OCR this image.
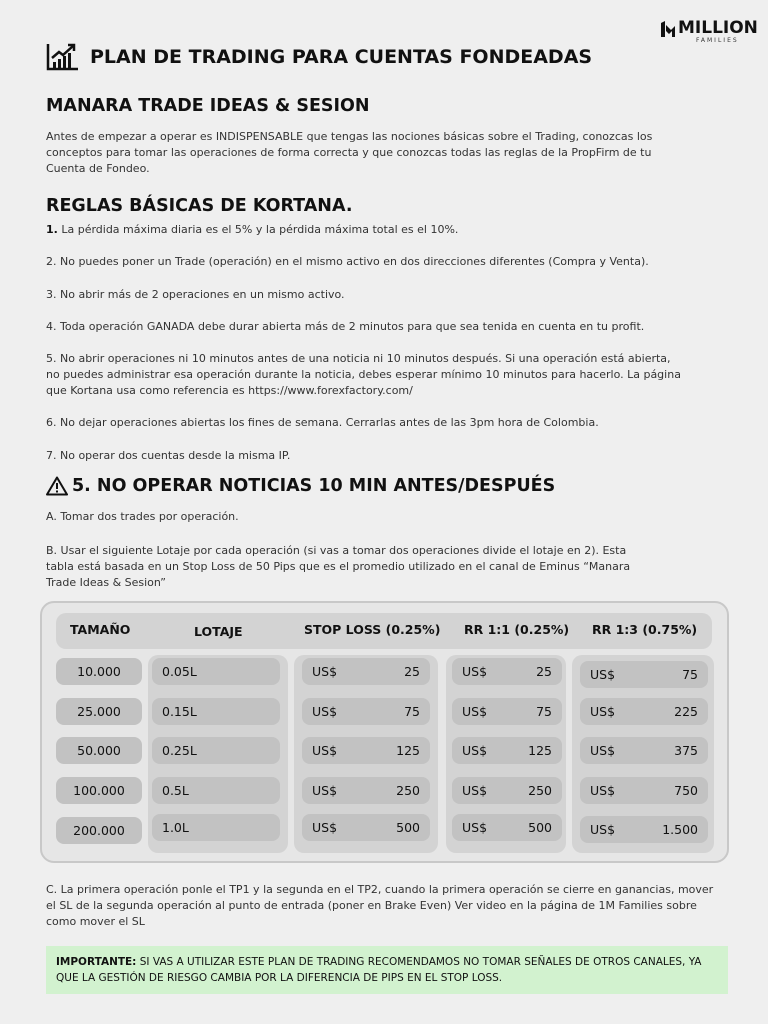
MILLION
FAMILIES
PLAN DE TRADING PARA CUENTAS FONDEADAS
MANARA TRADE IDEAS & SESION
Antes de empezar a operar es INDISPENSABLE que tengas las nociones básicas sobre el Trading, conozcas los conceptos para tomar las operaciones de forma correcta y que conozcas todas las reglas de la PropFirm de tu Cuenta de Fondeo.
REGLAS BÁSICAS DE KORTANA.
1. La pérdida máxima diaria es el 5% y la pérdida máxima total es el 10%.
2. No puedes poner un Trade (operación) en el mismo activo en dos direcciones diferentes (Compra y Venta).
3. No abrir más de 2 operaciones en un mismo activo.
4. Toda operación GANADA debe durar abierta más de 2 minutos para que sea tenida en cuenta en tu profit.
5. No abrir operaciones ni 10 minutos antes de una noticia ni 10 minutos después. Si una operación está abierta, no puedes administrar esa operación durante la noticia, debes esperar mínimo 10 minutos para hacerlo. La página que Kortana usa como referencia es https://www.forexfactory.com/
6. No dejar operaciones abiertas los fines de semana. Cerrarlas antes de las 3pm hora de Colombia.
7. No operar dos cuentas desde la misma IP.
5. NO OPERAR NOTICIAS 10 MIN ANTES/DESPUÉS
A. Tomar dos trades por operación.
B. Usar el siguiente Lotaje por cada operación (si vas a tomar dos operaciones divide el lotaje en 2). Esta tabla está basada en un Stop Loss de 50 Pips que es el promedio utilizado en el canal de Eminus “Manara Trade Ideas & Sesion”
TAMAÑO	LOTAJE	STOP LOSS (0.25%) RR 1:1 (0.25%) RR 1:3 (0.75%)
10.000	0.05L	US$	25	US$	25	US$	75
25.000	0.15L	US$	75	US$	75	US$	225
50.000	0.25L	US$	125	US$	125	US$	375
100.000	0.5L	US$	250	US$	250	US$	750
200.000	1.0L	US$	500	US$	500	US$	1.500
C. La primera operación ponle el TP1 y la segunda en el TP2, cuando la primera operación se cierre en ganancias, mover el SL de la segunda operación al punto de entrada (poner en Brake Even) Ver video en la página de 1M Families sobre como mover el SL
IMPORTANTE: SI VAS A UTILIZAR ESTE PLAN DE TRADING RECOMENDAMOS NO TOMAR SEÑALES DE OTROS CANALES, YA QUE LA GESTIÓN DE RIESGO CAMBIA POR LA DIFERENCIA DE PIPS EN EL STOP LOSS.
